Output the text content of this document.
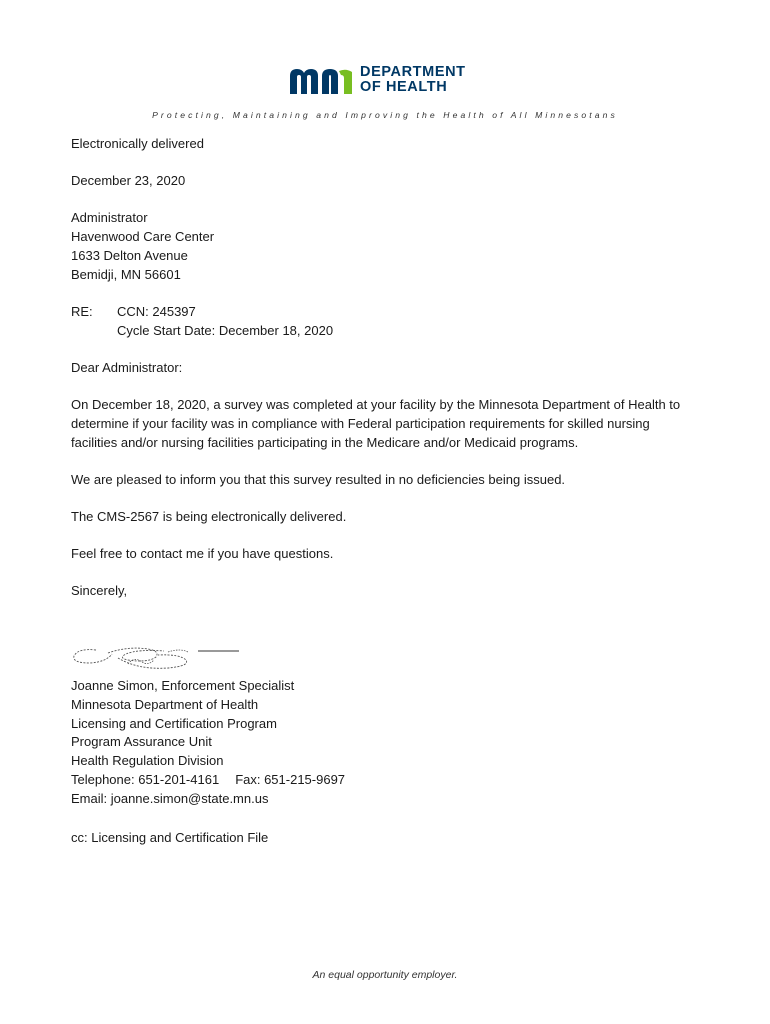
DEPARTMENT
OF HEALTH
Protecting, Maintaining and Improving the Health of All Minnesotans

Electronically delivered

December 23, 2020

Administrator
Havenwood Care Center
1633 Delton Avenue
Bemidji, MN 56601
RE:	CCN: 245397
Cycle Start Date: December 18, 2020

Dear Administrator:

On December 18, 2020, a survey was completed at your facility by the Minnesota Department of Health to determine if your facility was in compliance with Federal participation requirements for skilled nursing facilities and/or nursing facilities participating in the Medicare and/or Medicaid programs.

We are pleased to inform you that this survey resulted in no deficiencies being issued.

The CMS-2567 is being electronically delivered.

Feel free to contact me if you have questions.

Sincerely,

Joanne Simon, Enforcement Specialist
Minnesota Department of Health
Licensing and Certification Program
Program Assurance Unit
Health Regulation Division
Telephone: 651-201-4161 Fax: 651-215-9697
Email: joanne.simon@state.mn.us
cc: Licensing and Certification File
An equal opportunity employer.
